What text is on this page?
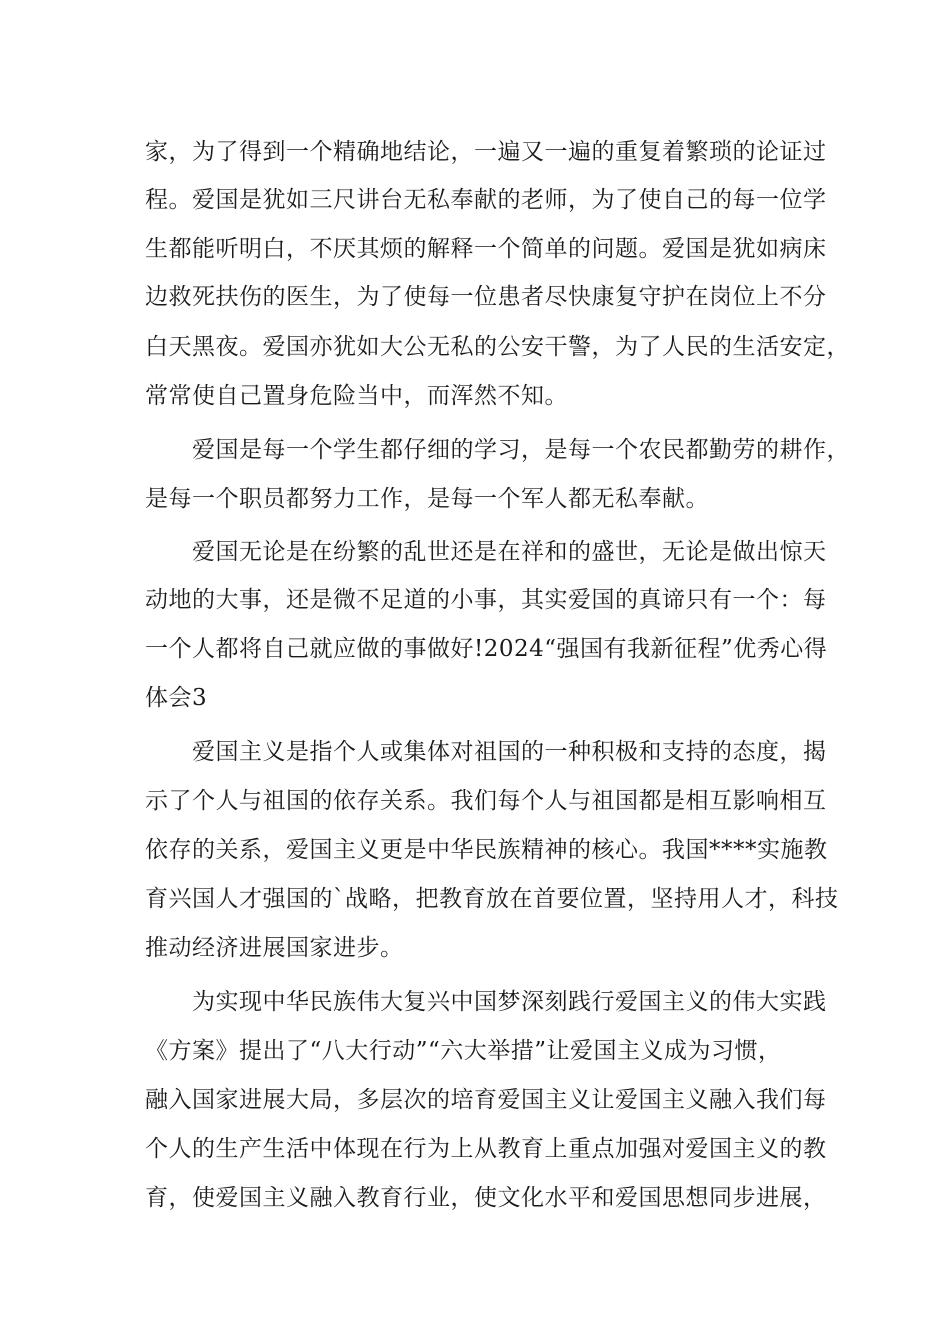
家，为了得到一个精确地结论，一遍又一遍的重复着繁琐的论证过
程。爱国是犹如三尺讲台无私奉献的老师，为了使自己的每一位学
生都能听明白，不厌其烦的解释一个简单的问题。爱国是犹如病床
边救死扶伤的医生，为了使每一位患者尽快康复守护在岗位上不分
白天黑夜。爱国亦犹如大公无私的公安干警，为了人民的生活安定，
常常使自己置身危险当中，而浑然不知。
爱国是每一个学生都仔细的学习，是每一个农民都勤劳的耕作，
是每一个职员都努力工作，是每一个军人都无私奉献。
爱国无论是在纷繁的乱世还是在祥和的盛世，无论是做出惊天
动地的大事，还是微不足道的小事，其实爱国的真谛只有一个：每
一个人都将自己就应做的事做好!2024“强国有我新征程”优秀心得
体会3
爱国主义是指个人或集体对祖国的一种积极和支持的态度，揭
示了个人与祖国的依存关系。我们每个人与祖国都是相互影响相互
依存的关系，爱国主义更是中华民族精神的核心。我国****实施教
育兴国人才强国的`战略，把教育放在首要位置，坚持用人才，科技
推动经济进展国家进步。
为实现中华民族伟大复兴中国梦深刻践行爱国主义的伟大实践
《方案》提出了“八大行动”“六大举措”让爱国主义成为习惯，
融入国家进展大局，多层次的培育爱国主义让爱国主义融入我们每
个人的生产生活中体现在行为上从教育上重点加强对爱国主义的教
育，使爱国主义融入教育行业，使文化水平和爱国思想同步进展，
